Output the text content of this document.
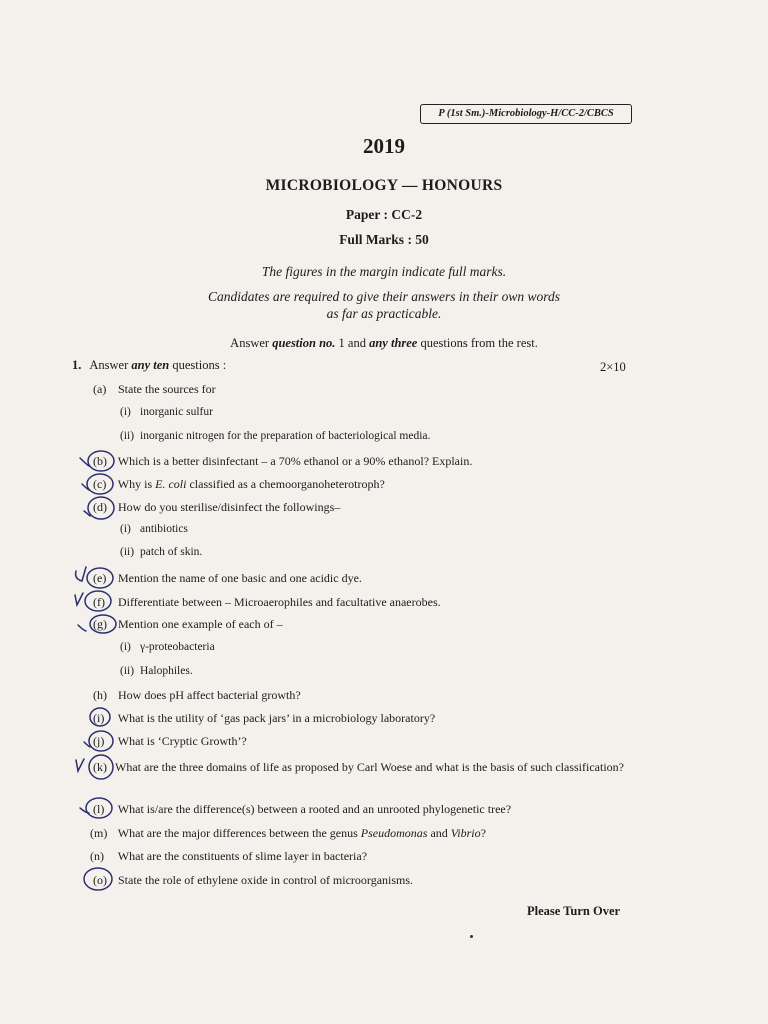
P (1st Sm.)-Microbiology-H/CC-2/CBCS
2019
MICROBIOLOGY — HONOURS
Paper : CC-2
Full Marks : 50
The figures in the margin indicate full marks.
Candidates are required to give their answers in their own words
as far as practicable.
Answer question no. 1 and any three questions from the rest.
1. Answer any ten questions :	2×10
(a) State the sources for
(i) inorganic sulfur
(ii) inorganic nitrogen for the preparation of bacteriological media.
(b) Which is a better disinfectant – a 70% ethanol or a 90% ethanol? Explain.
(c) Why is E. coli classified as a chemoorganoheterotroph?
(d) How do you sterilise/disinfect the followings–
(i) antibiotics
(ii) patch of skin.
(e) Mention the name of one basic and one acidic dye.
(f) Differentiate between – Microaerophiles and facultative anaerobes.
(g) Mention one example of each of –
(i) γ-proteobacteria
(ii) Halophiles.
(h) How does pH affect bacterial growth?
(i) What is the utility of ‘gas pack jars’ in a microbiology laboratory?
(j) What is ‘Cryptic Growth’?
(k) What are the three domains of life as proposed by Carl Woese and what is the basis of such classification?
(l) What is/are the difference(s) between a rooted and an unrooted phylogenetic tree?
(m) What are the major differences between the genus Pseudomonas and Vibrio?
(n) What are the constituents of slime layer in bacteria?
(o) State the role of ethylene oxide in control of microorganisms.
Please Turn Over
